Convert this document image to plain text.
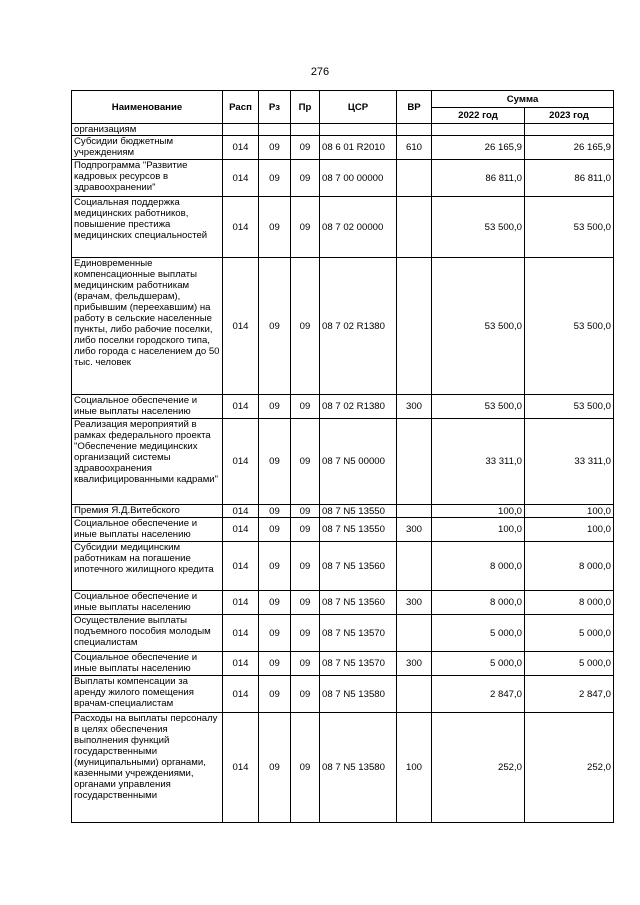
276
Наименование	Расп	Рз	Пр	ЦСР	ВР	Сумма	
						2022 год	2023 год
организациям							
Субсидии бюджетным учреждениям	014	09	09	08 6 01 R2010	610	26 165,9	26 165,9
Подпрограмма "Развитие кадровых ресурсов в здравоохранении"	014	09	09	08 7 00 00000		86 811,0	86 811,0
Социальная поддержка медицинских работников, повышение престижа медицинских специальностей	014	09	09	08 7 02 00000		53 500,0	53 500,0
Единовременные компенсационные выплаты медицинским работникам (врачам, фельдшерам), прибывшим (переехавшим) на работу в сельские населенные пункты, либо рабочие поселки, либо поселки городского типа, либо города с населением до 50 тыс. человек	014	09	09	08 7 02 R1380		53 500,0	53 500,0
Социальное обеспечение и иные выплаты населению	014	09	09	08 7 02 R1380	300	53 500,0	53 500,0
Реализация мероприятий в рамках федерального проекта "Обеспечение медицинских организаций системы здравоохранения квалифицированными кадрами"	014	09	09	08 7 N5 00000		33 311,0	33 311,0
Премия Я.Д.Витебского	014	09	09	08 7 N5 13550		100,0	100,0
Социальное обеспечение и иные выплаты населению	014	09	09	08 7 N5 13550	300	100,0	100,0
Субсидии медицинским работникам на погашение ипотечного жилищного кредита	014	09	09	08 7 N5 13560		8 000,0	8 000,0
Социальное обеспечение и иные выплаты населению	014	09	09	08 7 N5 13560	300	8 000,0	8 000,0
Осуществление выплаты подъемного пособия молодым специалистам	014	09	09	08 7 N5 13570		5 000,0	5 000,0
Социальное обеспечение и иные выплаты населению	014	09	09	08 7 N5 13570	300	5 000,0	5 000,0
Выплаты компенсации за аренду жилого помещения врачам-специалистам	014	09	09	08 7 N5 13580		2 847,0	2 847,0
Расходы на выплаты персоналу в целях обеспечения выполнения функций государственными (муниципальными) органами, казенными учреждениями, органами управления государственными	014	09	09	08 7 N5 13580	100	252,0	252,0
